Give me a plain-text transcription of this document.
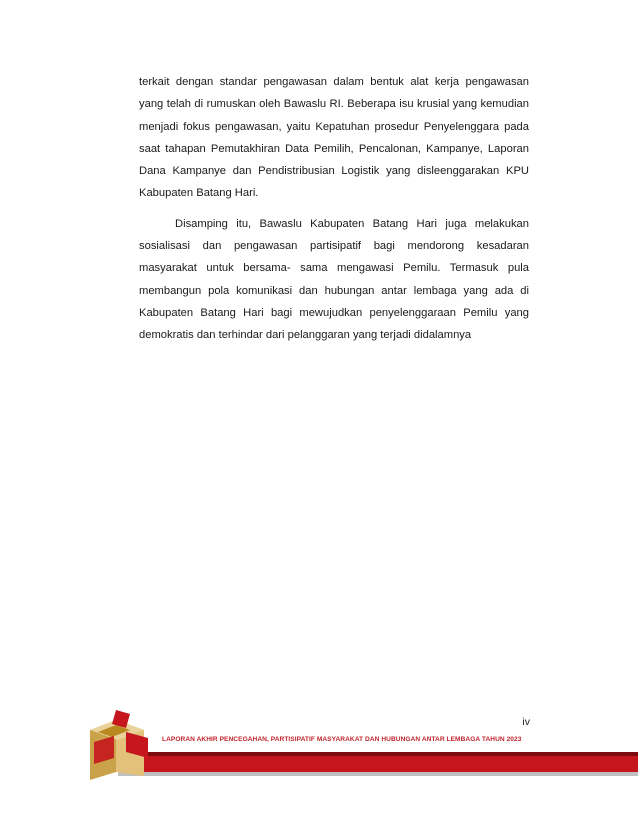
terkait dengan standar pengawasan dalam bentuk alat kerja pengawasan yang telah di rumuskan oleh Bawaslu RI. Beberapa isu krusial yang kemudian menjadi fokus pengawasan, yaitu Kepatuhan prosedur Penyelenggara pada saat tahapan Pemutakhiran Data Pemilih, Pencalonan, Kampanye, Laporan Dana Kampanye dan Pendistribusian Logistik yang disleenggarakan KPU Kabupaten Batang Hari.

Disamping itu, Bawaslu Kabupaten Batang Hari juga melakukan sosialisasi dan pengawasan partisipatif bagi mendorong kesadaran masyarakat untuk bersama- sama mengawasi Pemilu. Termasuk pula membangun pola komunikasi dan hubungan antar lembaga yang ada di Kabupaten Batang Hari bagi mewujudkan penyelenggaraan Pemilu yang demokratis dan terhindar dari pelanggaran yang terjadi didalamnya

iv
LAPORAN AKHIR PENCEGAHAN, PARTISIPATIF MASYARAKAT DAN HUBUNGAN ANTAR LEMBAGA TAHUN 2023
